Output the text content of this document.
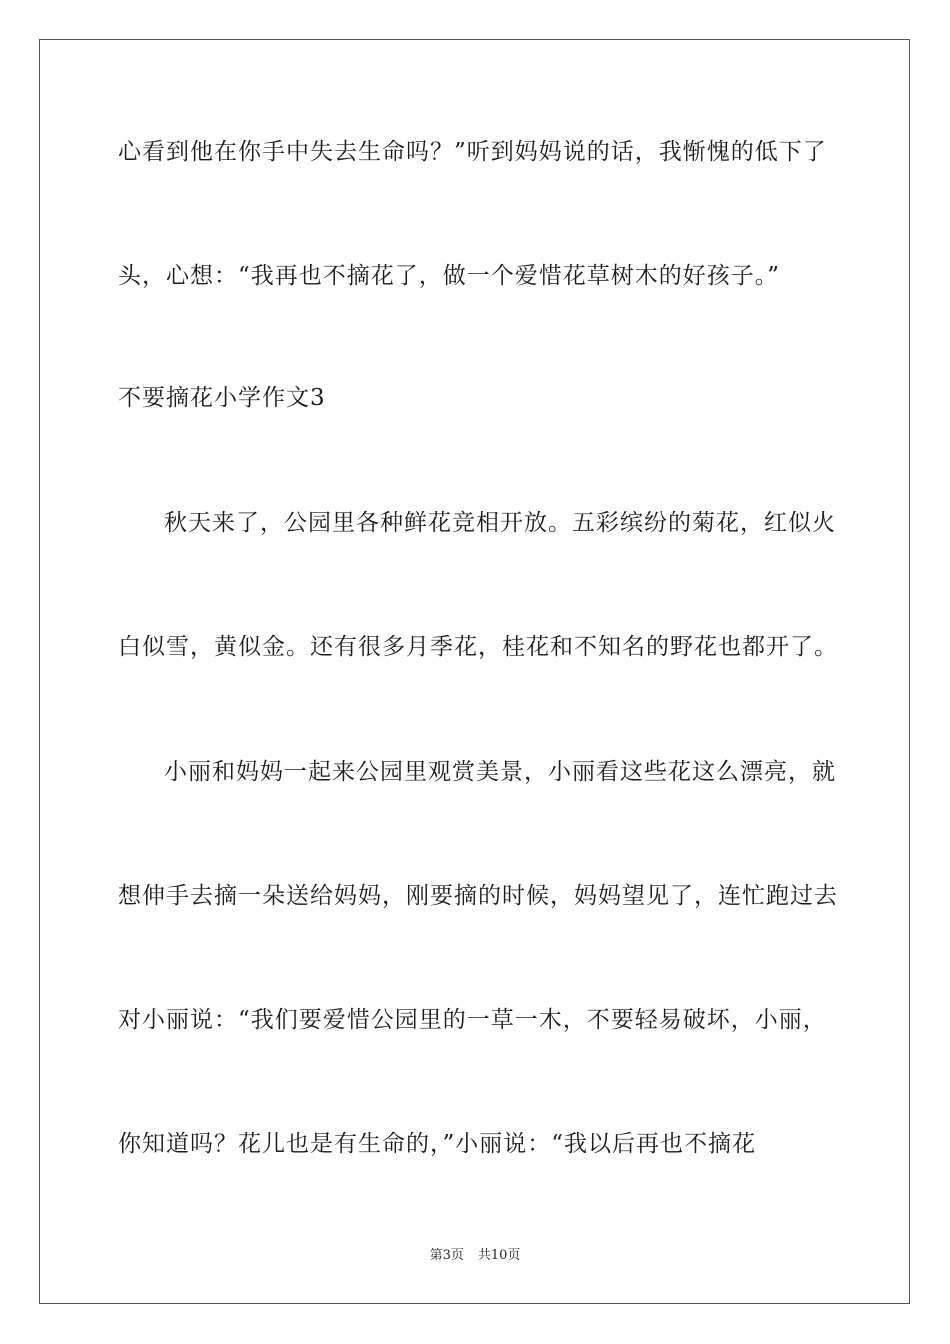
心看到他在你手中失去生命吗？”听到妈妈说的话，我惭愧的低下了
头，心想：“我再也不摘花了，做一个爱惜花草树木的好孩子。”
不要摘花小学作文3
秋天来了，公园里各种鲜花竞相开放。五彩缤纷的菊花，红似火
白似雪，黄似金。还有很多月季花，桂花和不知名的野花也都开了。
小丽和妈妈一起来公园里观赏美景，小丽看这些花这么漂亮，就
想伸手去摘一朵送给妈妈，刚要摘的时候，妈妈望见了，连忙跑过去
对小丽说：“我们要爱惜公园里的一草一木，不要轻易破坏，小丽，
你知道吗？花儿也是有生命的，”小丽说：“我以后再也不摘花
第3页 共10页
